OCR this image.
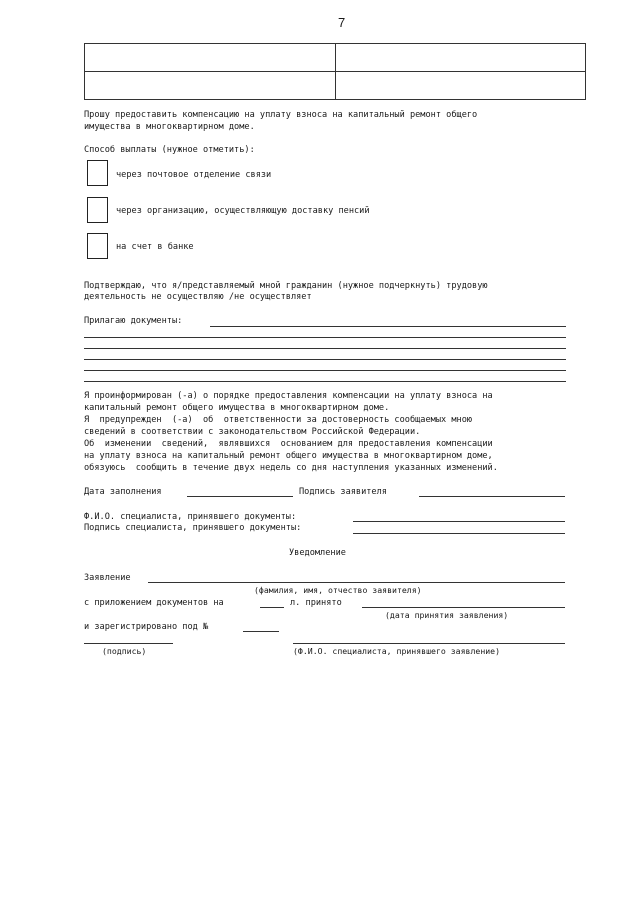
7

Прошу предоставить компенсацию на уплату взноса на капитальный ремонт общего
имущества в многоквартирном доме.
Способ выплаты (нужное отметить):
через почтовое отделение связи
через организацию, осуществляющую доставку пенсий
на счет в банке
Подтверждаю, что я/представляемый мной гражданин (нужное подчеркнуть) трудовую
деятельность не осуществляю /не осуществляет
Прилагаю документы:
Я проинформирован (-а) о порядке предоставления компенсации на уплату взноса на
капитальный ремонт общего имущества в многоквартирном доме.
Я  предупрежден  (-а)  об  ответственности за достоверность сообщаемых мною
сведений в соответствии с законодательством Российской Федерации.
Об  изменении  сведений,  являвшихся  основанием для предоставления компенсации
на уплату взноса на капитальный ремонт общего имущества в многоквартирном доме,
обязуюсь  сообщить в течение двух недель со дня наступления указанных изменений.
Дата заполнения	Подпись заявителя
Ф.И.О. специалиста, принявшего документы:
Подпись специалиста, принявшего документы:
Уведомление
Заявление
(фамилия, имя, отчество заявителя)
с приложением документов на	л. принято
(дата принятия заявления)
и зарегистрировано под №
(подпись)	(Ф.И.О. специалиста, принявшего заявление)
